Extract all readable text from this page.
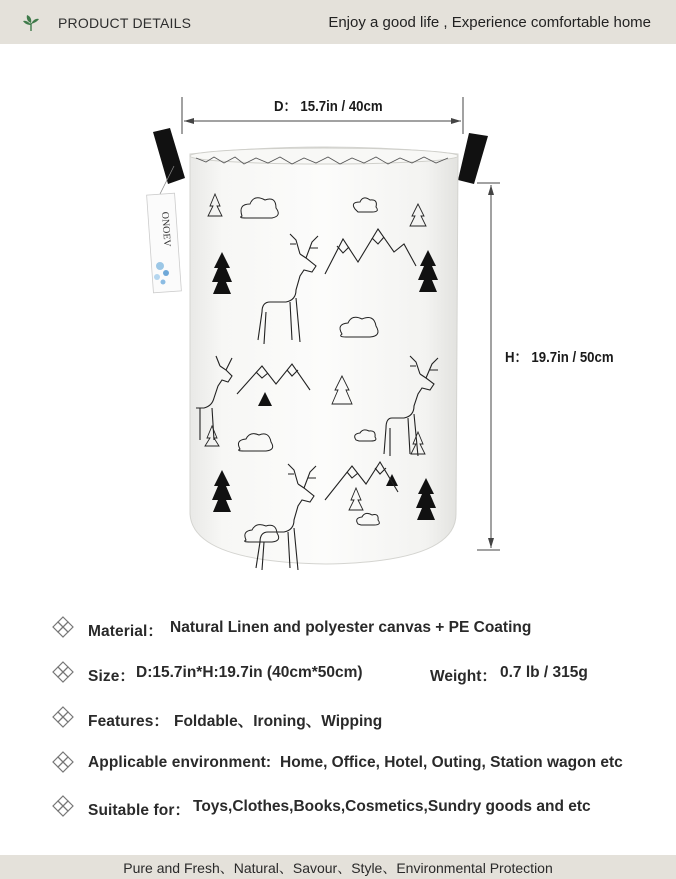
PRODUCT DETAILS	Enjoy a good life , Experience comfortable home
ONOEV
D： 15.7in / 40cm
H： 19.7in / 50cm
Material： Natural Linen and polyester canvas + PE Coating
Size： D:15.7in*H:19.7in (40cm*50cm)	Weight： 0.7 lb / 315g
Features： Foldable、Ironing、Wipping
Applicable environment: Home, Office, Hotel, Outing, Station wagon etc
Suitable for： Toys,Clothes,Books,Cosmetics,Sundry goods and etc
Pure and Fresh、Natural、Savour、Style、Environmental Protection
